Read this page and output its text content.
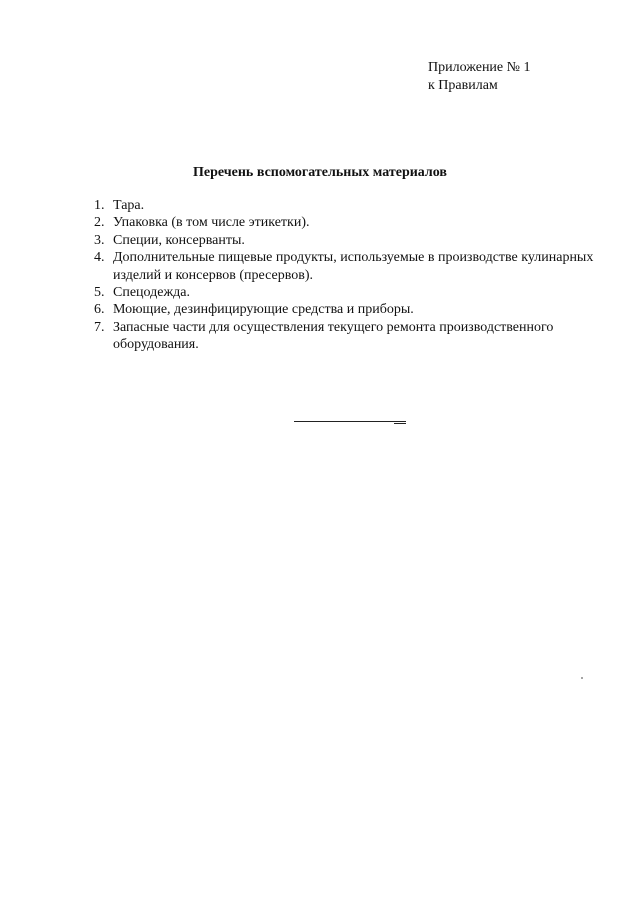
Приложение № 1
к Правилам
Перечень вспомогательных материалов
1. Тара.
2. Упаковка (в том числе этикетки).
3. Специи, консерванты.
4. Дополнительные пищевые продукты, используемые в производстве кулинарных изделий и консервов (пресервов).
5. Спецодежда.
6. Моющие, дезинфицирующие средства и приборы.
7. Запасные части для осуществления текущего ремонта производственного оборудования.
